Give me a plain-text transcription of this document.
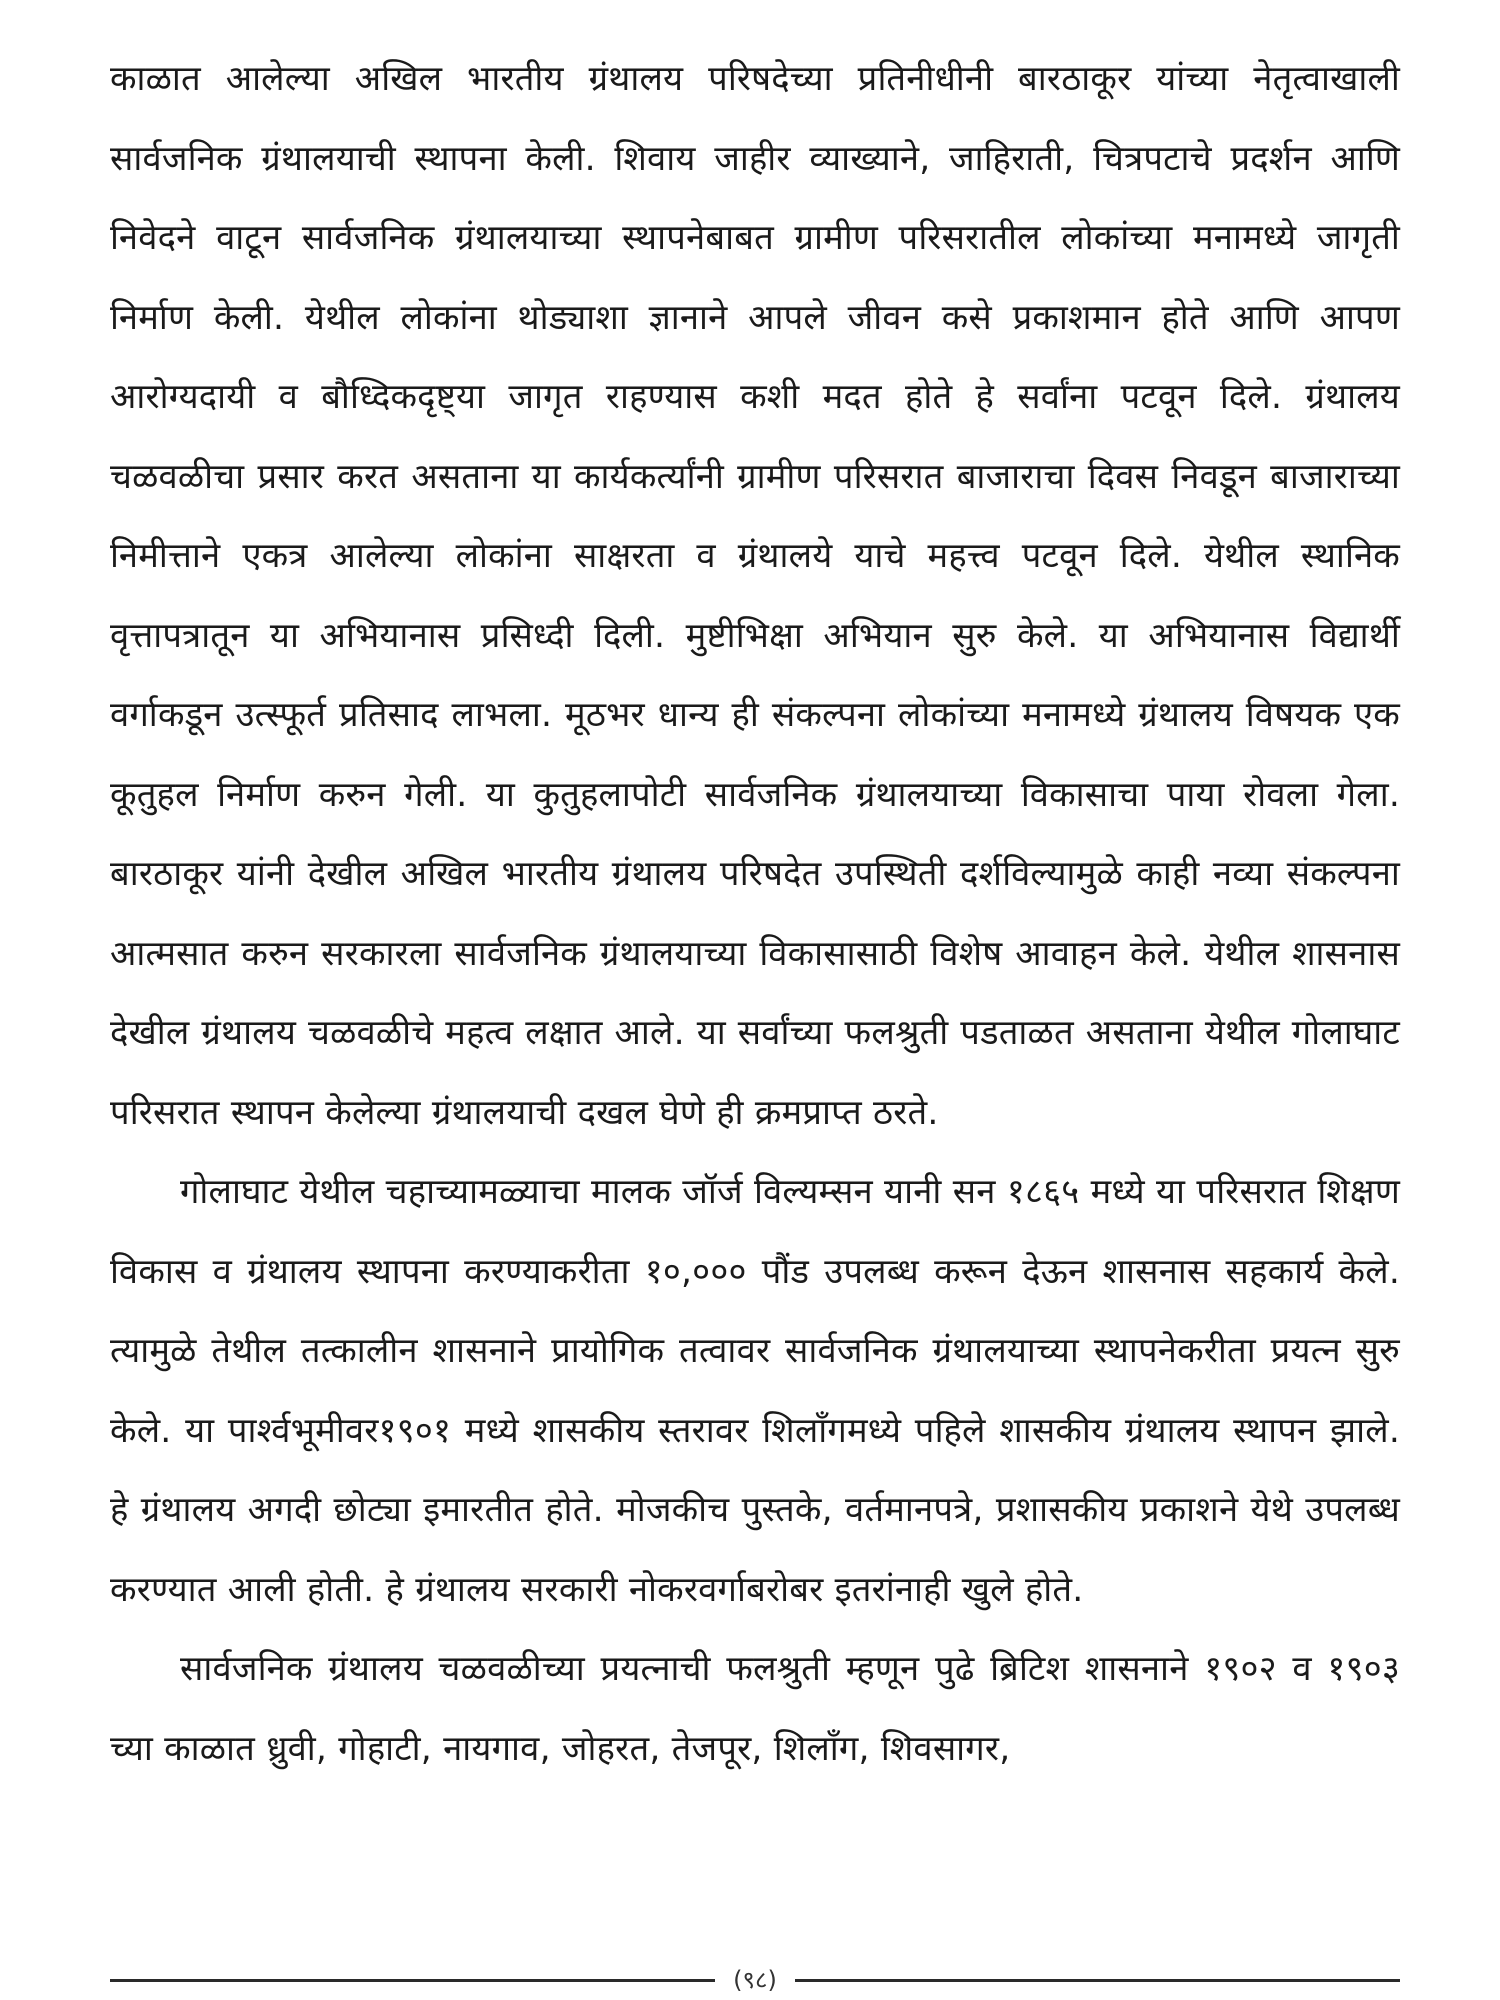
काळात आलेल्या अखिल भारतीय ग्रंथालय परिषदेच्या प्रतिनीधीनी बारठाकूर यांच्या नेतृत्वाखाली सार्वजनिक ग्रंथालयाची स्थापना केली. शिवाय जाहीर व्याख्याने, जाहिराती, चित्रपटाचे प्रदर्शन आणि निवेदने वाटून सार्वजनिक ग्रंथालयाच्या स्थापनेबाबत ग्रामीण परिसरातील लोकांच्या मनामध्ये जागृती निर्माण केली. येथील लोकांना थोड्याशा ज्ञानाने आपले जीवन कसे प्रकाशमान होते आणि आपण आरोग्यदायी व बौध्दिकदृष्ट्या जागृत राहण्यास कशी मदत होते हे सर्वांना पटवून दिले. ग्रंथालय चळवळीचा प्रसार करत असताना या कार्यकर्त्यांनी ग्रामीण परिसरात बाजाराचा दिवस निवडून बाजाराच्या निमीत्ताने एकत्र आलेल्या लोकांना साक्षरता व ग्रंथालये याचे महत्त्व पटवून दिले. येथील स्थानिक वृत्तापत्रातून या अभियानास प्रसिध्दी दिली. मुष्टीभिक्षा अभियान सुरु केले. या अभियानास विद्यार्थी वर्गाकडून उत्स्फूर्त प्रतिसाद लाभला. मूठभर धान्य ही संकल्पना लोकांच्या मनामध्ये ग्रंथालय विषयक एक कूतुहल निर्माण करुन गेली. या कुतुहलापोटी सार्वजनिक ग्रंथालयाच्या विकासाचा पाया रोवला गेला. बारठाकूर यांनी देखील अखिल भारतीय ग्रंथालय परिषदेत उपस्थिती दर्शविल्यामुळे काही नव्या संकल्पना आत्मसात करुन सरकारला सार्वजनिक ग्रंथालयाच्या विकासासाठी विशेष आवाहन केले. येथील शासनास देखील ग्रंथालय चळवळीचे महत्व लक्षात आले. या सर्वांच्या फलश्रुती पडताळत असताना येथील गोलाघाट परिसरात स्थापन केलेल्या ग्रंथालयाची दखल घेणे ही क्रमप्राप्त ठरते.

गोलाघाट येथील चहाच्यामळ्याचा मालक जॉर्ज विल्यम्सन यानी सन १८६५ मध्ये या परिसरात शिक्षण विकास व ग्रंथालय स्थापना करण्याकरीता १०,००० पौंड उपलब्ध करून देऊन शासनास सहकार्य केले. त्यामुळे तेथील तत्कालीन शासनाने प्रायोगिक तत्वावर सार्वजनिक ग्रंथालयाच्या स्थापनेकरीता प्रयत्न सुरु केले. या पार्श्वभूमीवर१९०१ मध्ये शासकीय स्तरावर शिलाँगमध्ये पहिले शासकीय ग्रंथालय स्थापन झाले. हे ग्रंथालय अगदी छोट्या इमारतीत होते. मोजकीच पुस्तके, वर्तमानपत्रे, प्रशासकीय प्रकाशने येथे उपलब्ध करण्यात आली होती. हे ग्रंथालय सरकारी नोकरवर्गाबरोबर इतरांनाही खुले होते.

सार्वजनिक ग्रंथालय चळवळीच्या प्रयत्नाची फलश्रुती म्हणून पुढे ब्रिटिश शासनाने १९०२ व १९०३ च्या काळात ध्रुवी, गोहाटी, नायगाव, जोहरत, तेजपूर, शिलाँग, शिवसागर,

(९८)
